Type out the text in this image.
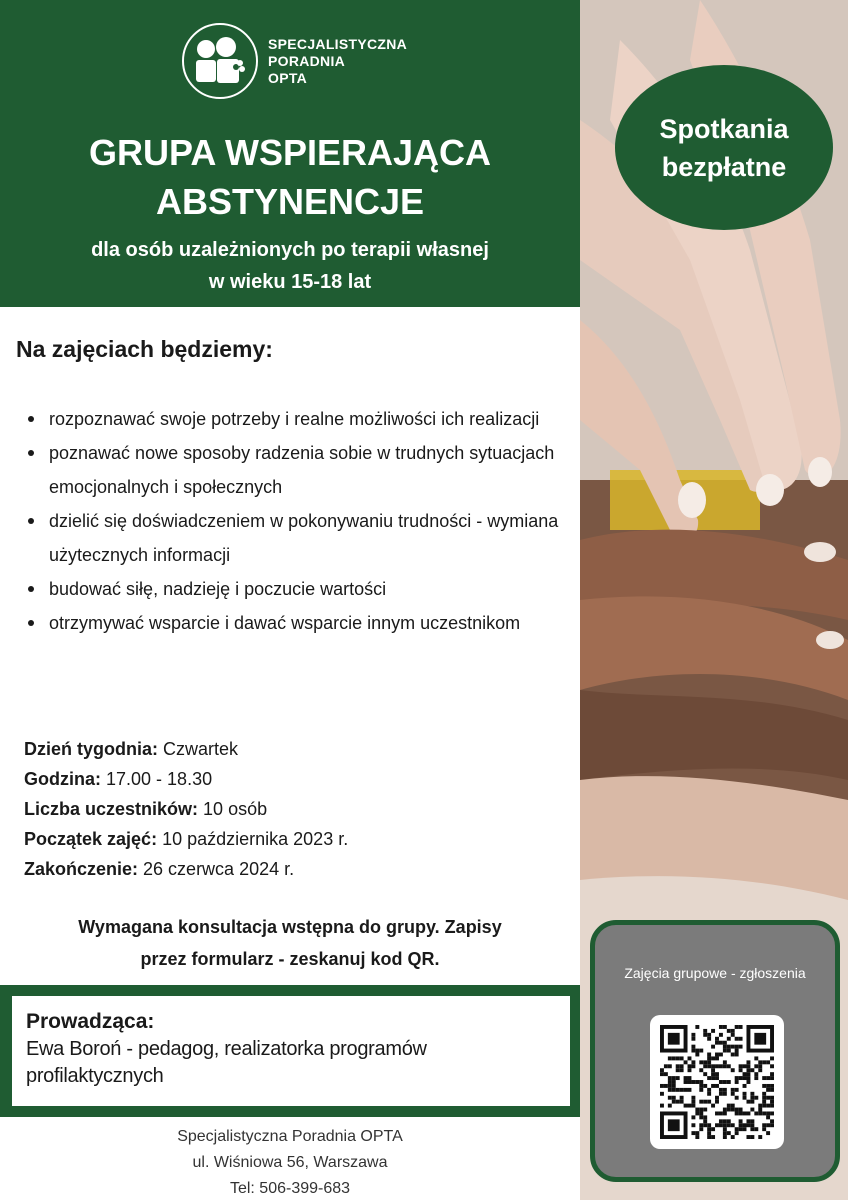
Spotkania
bezpłatne
Zajęcia grupowe - zgłoszenia
SPECJALISTYCZNA
PORADNIA
OPTA
GRUPA WSPIERAJĄCA
ABSTYNENCJE
dla osób uzależnionych po terapii własnej
w wieku 15-18 lat
Na zajęciach będziemy:
rozpoznawać swoje potrzeby i realne możliwości ich realizacji
poznawać nowe sposoby radzenia sobie w trudnych sytuacjach emocjonalnych i społecznych
dzielić się doświadczeniem w pokonywaniu trudności - wymiana użytecznych informacji
budować siłę, nadzieję i poczucie wartości
otrzymywać wsparcie i dawać wsparcie innym uczestnikom
Dzień tygodnia: Czwartek
Godzina: 17.00 - 18.30
Liczba uczestników: 10 osób
Początek zajęć: 10 października 2023 r.
Zakończenie: 26 czerwca 2024 r.
Wymagana konsultacja wstępna do grupy. Zapisy
przez formularz - zeskanuj kod QR.
Prowadząca:
Ewa Boroń - pedagog, realizatorka programów
profilaktycznych
Specjalistyczna Poradnia OPTA
ul. Wiśniowa 56, Warszawa
Tel: 506-399-683
